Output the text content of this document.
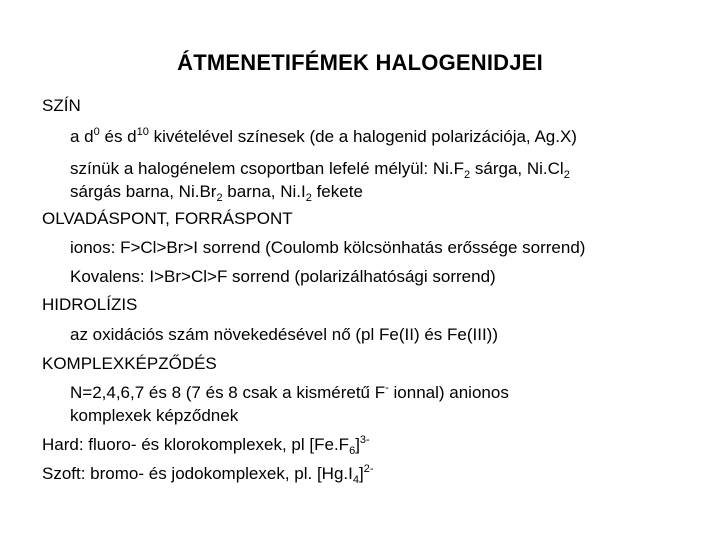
ÁTMENETIFÉMEK HALOGENIDJEI
SZÍN
a $d^0$ és $d^{10}$ kivételével színesek (de a halogenid polarizációja, Ag.X)
színük a halogénelem csoportban lefelé mélyül: $Ni.F_2$ sárga, $Ni.Cl_2$
sárgás barna, $Ni.Br_2$ barna, $Ni.I_2$ fekete
OLVADÁSPONT, FORRÁSPONT
ionos: F>Cl>Br>I sorrend (Coulomb kölcsönhatás erőssége sorrend)
Kovalens: I>Br>Cl>F sorrend (polarizálhatósági sorrend)
HIDROLÍZIS
az oxidációs szám növekedésével nő (pl Fe(II) és Fe(III))
KOMPLEXKÉPZŐDÉS
N=2,4,6,7 és 8 (7 és 8 csak a kisméretű F- ionnal) anionos
komplexek képződnek
Hard: fluoro- és klorokomplexek, pl $[Fe.F_6]^{3-}$
Szoft: bromo- és jodokomplexek, pl. $[Hg.I_4]^{2-}$
